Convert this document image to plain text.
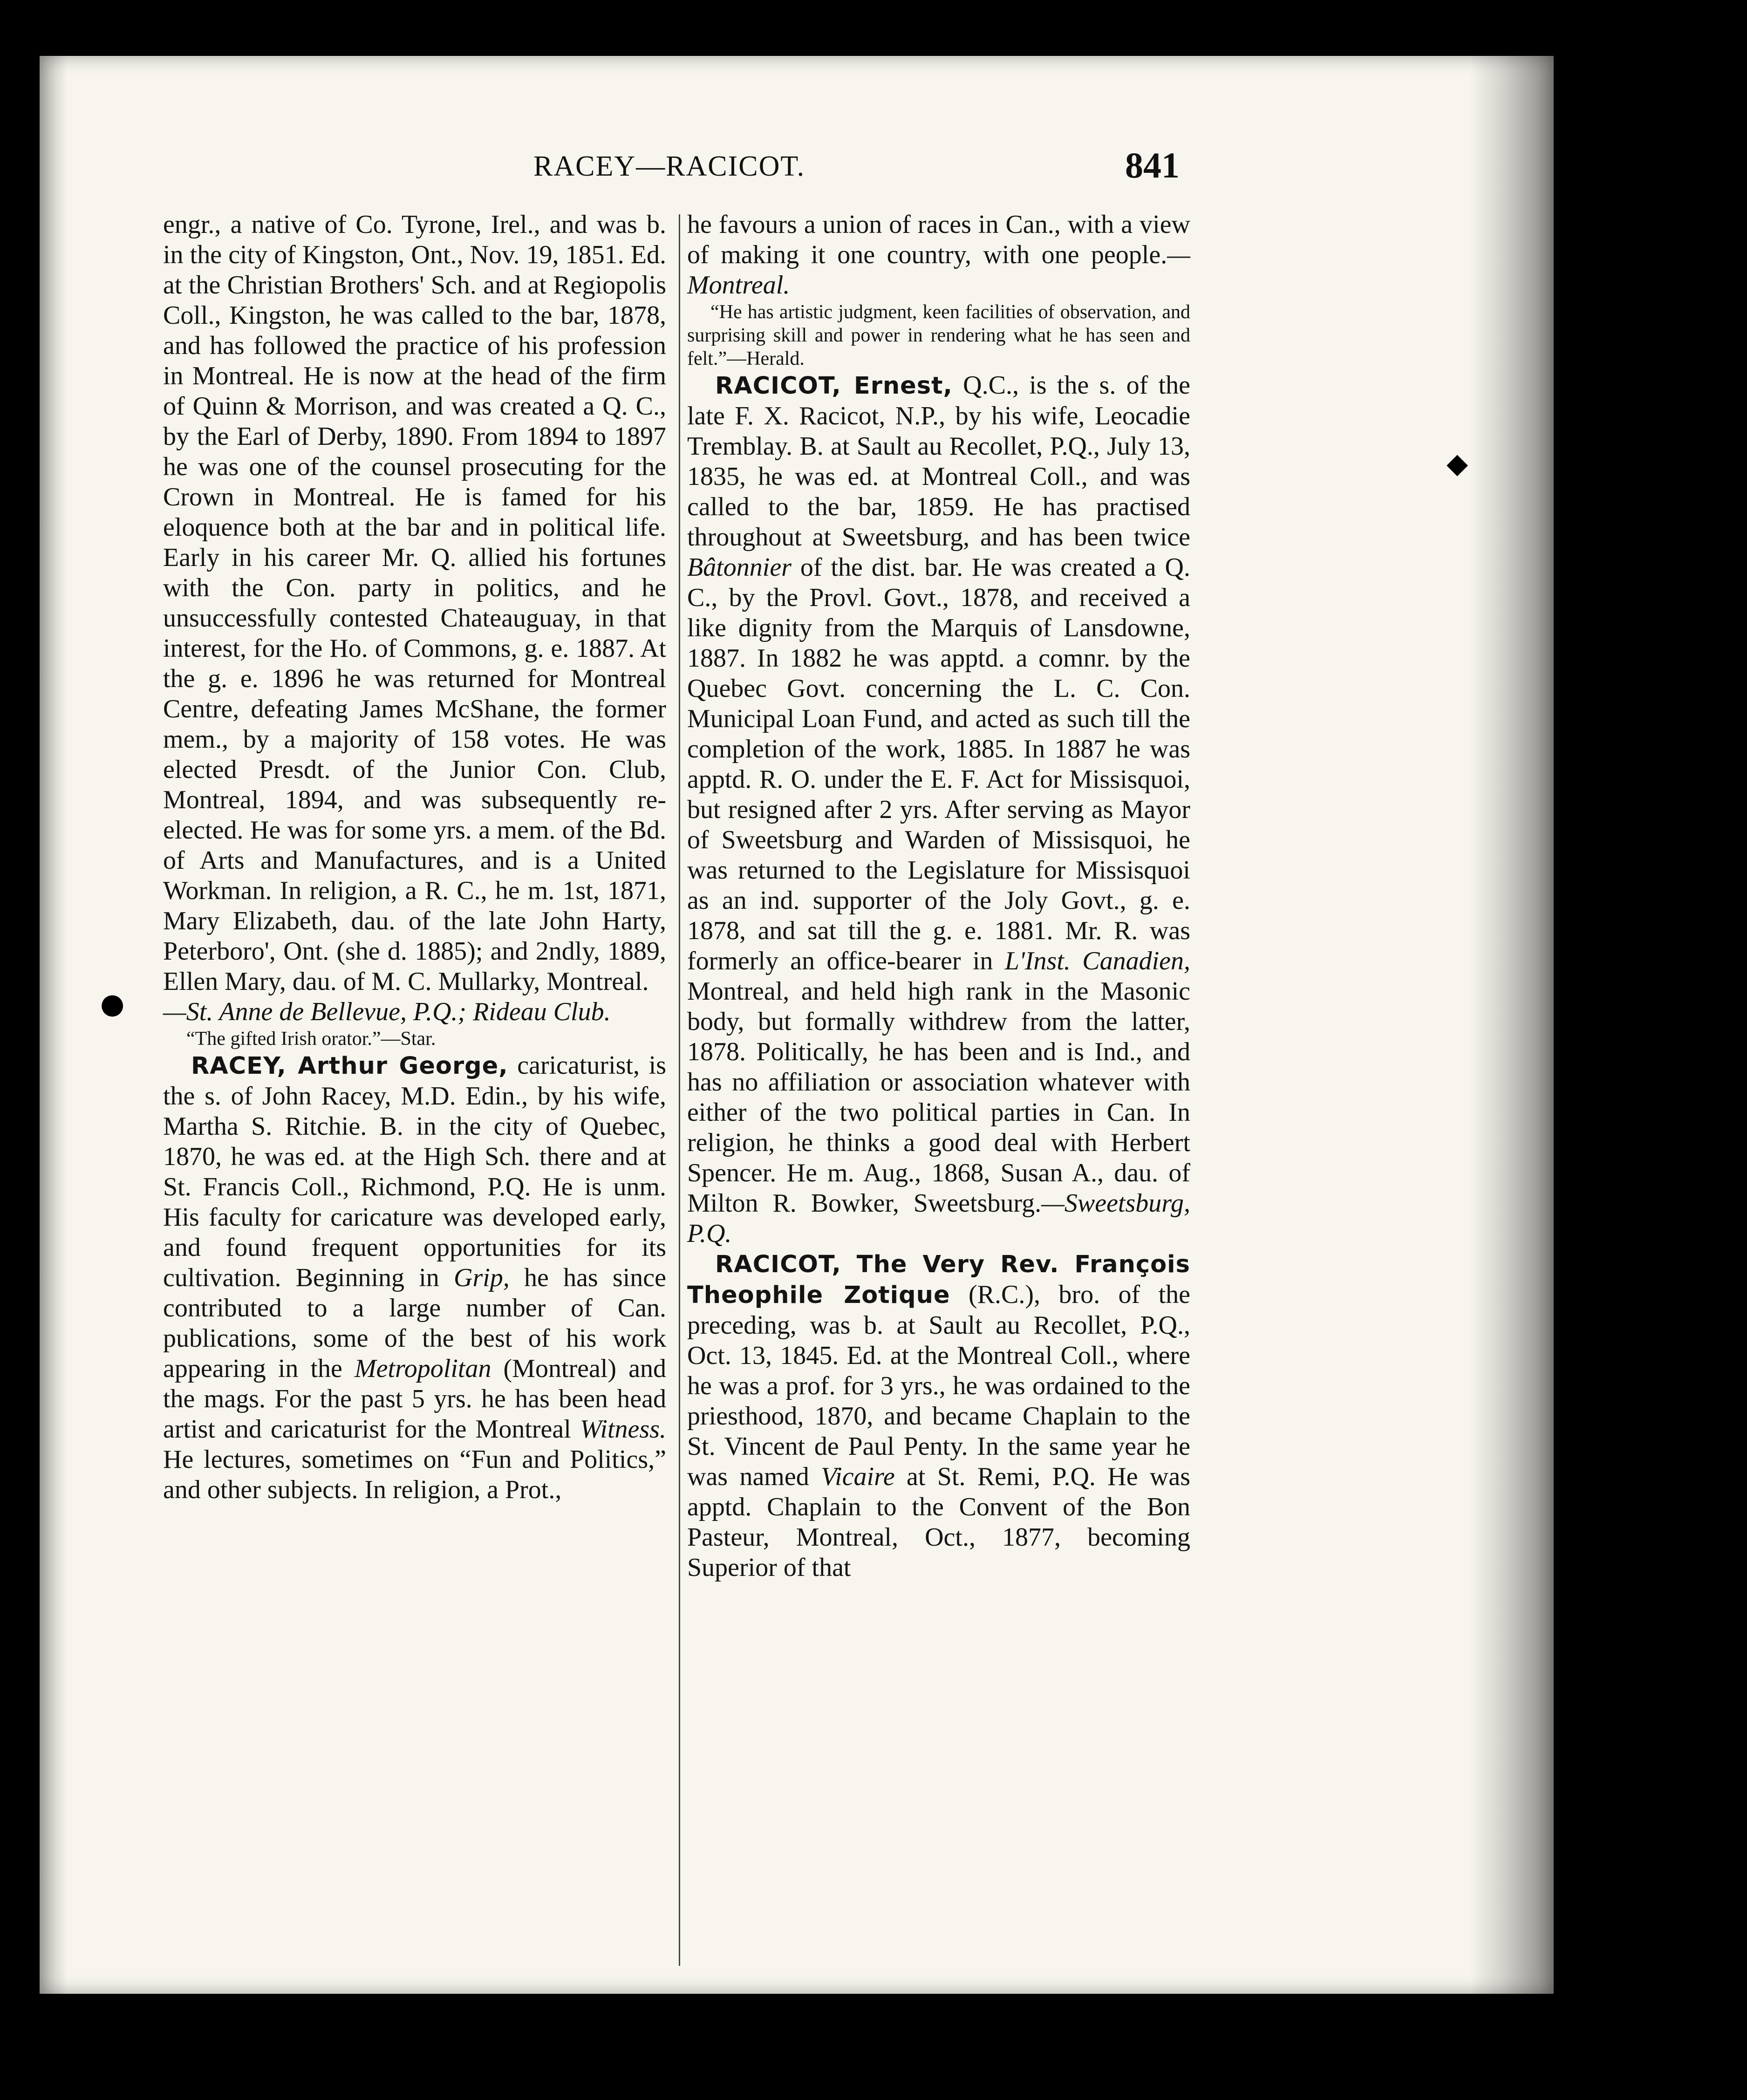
RACEY—RACICOT.	841

engr., a native of Co. Tyrone, Irel., and was b. in the city of Kingston, Ont., Nov. 19, 1851. Ed. at the Christian Brothers' Sch. and at Regiopolis Coll., Kingston, he was called to the bar, 1878, and has followed the practice of his profession in Montreal. He is now at the head of the firm of Quinn & Morrison, and was created a Q. C., by the Earl of Derby, 1890. From 1894 to 1897 he was one of the counsel prosecuting for the Crown in Montreal. He is famed for his eloquence both at the bar and in political life. Early in his career Mr. Q. allied his fortunes with the Con. party in politics, and he unsuccessfully contested Chateauguay, in that interest, for the Ho. of Commons, g. e. 1887. At the g. e. 1896 he was returned for Montreal Centre, defeating James McShane, the former mem., by a majority of 158 votes. He was elected Presdt. of the Junior Con. Club, Montreal, 1894, and was subsequently re-elected. He was for some yrs. a mem. of the Bd. of Arts and Manufactures, and is a United Workman. In religion, a R. C., he m. 1st, 1871, Mary Elizabeth, dau. of the late John Harty, Peterboro', Ont. (she d. 1885); and 2ndly, 1889, Ellen Mary, dau. of M. C. Mullarky, Montreal.

—St. Anne de Bellevue, P.Q.; Rideau Club.

“The gifted Irish orator.”—Star.

RACEY, Arthur George, caricaturist, is the s. of John Racey, M.D. Edin., by his wife, Martha S. Ritchie. B. in the city of Quebec, 1870, he was ed. at the High Sch. there and at St. Francis Coll., Richmond, P.Q. He is unm. His faculty for caricature was developed early, and found frequent opportunities for its cultivation. Beginning in Grip, he has since contributed to a large number of Can. publications, some of the best of his work appearing in the Metropolitan (Montreal) and the mags. For the past 5 yrs. he has been head artist and caricaturist for the Montreal Witness. He lectures, sometimes on “Fun and Politics,” and other subjects. In religion, a Prot.,

he favours a union of races in Can., with a view of making it one country, with one people.—Montreal.

“He has artistic judgment, keen facilities of observation, and surprising skill and power in rendering what he has seen and felt.”—Herald.

RACICOT, Ernest, Q.C., is the s. of the late F. X. Racicot, N.P., by his wife, Leocadie Tremblay. B. at Sault au Recollet, P.Q., July 13, 1835, he was ed. at Montreal Coll., and was called to the bar, 1859. He has practised throughout at Sweetsburg, and has been twice Bâtonnier of the dist. bar. He was created a Q. C., by the Provl. Govt., 1878, and received a like dignity from the Marquis of Lansdowne, 1887. In 1882 he was apptd. a comnr. by the Quebec Govt. concerning the L. C. Con. Municipal Loan Fund, and acted as such till the completion of the work, 1885. In 1887 he was apptd. R. O. under the E. F. Act for Missisquoi, but resigned after 2 yrs. After serving as Mayor of Sweetsburg and Warden of Missisquoi, he was returned to the Legislature for Missisquoi as an ind. supporter of the Joly Govt., g. e. 1878, and sat till the g. e. 1881. Mr. R. was formerly an office-bearer in L'Inst. Canadien, Montreal, and held high rank in the Masonic body, but formally withdrew from the latter, 1878. Politically, he has been and is Ind., and has no affiliation or association whatever with either of the two political parties in Can. In religion, he thinks a good deal with Herbert Spencer. He m. Aug., 1868, Susan A., dau. of Milton R. Bowker, Sweetsburg.—Sweetsburg, P.Q.

RACICOT, The Very Rev. François Theophile Zotique (R.C.), bro. of the preceding, was b. at Sault au Recollet, P.Q., Oct. 13, 1845. Ed. at the Montreal Coll., where he was a prof. for 3 yrs., he was ordained to the priesthood, 1870, and became Chaplain to the St. Vincent de Paul Penty. In the same year he was named Vicaire at St. Remi, P.Q. He was apptd. Chaplain to the Convent of the Bon Pasteur, Montreal, Oct., 1877, becoming Superior of that

◆
●
